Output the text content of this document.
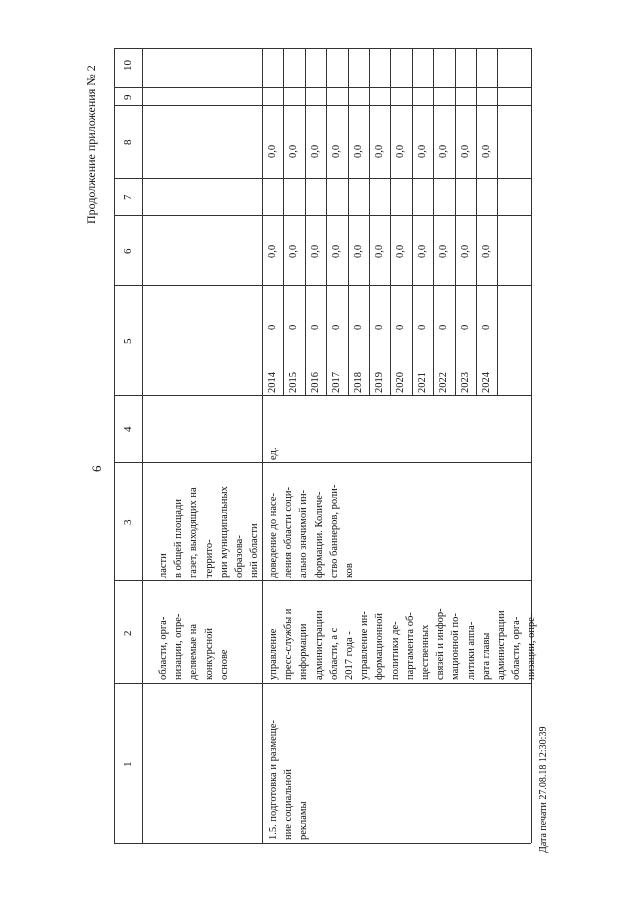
Продолжение приложения № 2
6
Дата печати 27.08.18 12:30:39
1
2
3
4
5
6
7
8
9
10
области, орга- низации, опре- деляемые на конкурсной основе
ласти в общей площади газет, выходящих на террито- рии муниципальных образова- ний области
1.5. подготовка и размеще- ние социальной рекламы
управление пресс-службы и информации администрации области, а с 2017 года - управление ин- формационной политики де- партамента об- щественных связей и инфор- мационной по- литики аппа- рата главы администрации области, орга- низации, опре-
доведение до насе- ления области соци- ально значимой ин- формации. Количе- ство баннеров, роли- ков
ед.
2014
0
0,0
0,0
2015
0
0,0
0,0
2016
0
0,0
0,0
2017
0
0,0
0,0
2018
0
0,0
0,0
2019
0
0,0
0,0
2020
0
0,0
0,0
2021
0
0,0
0,0
2022
0
0,0
0,0
2023
0
0,0
0,0
2024
0
0,0
0,0
